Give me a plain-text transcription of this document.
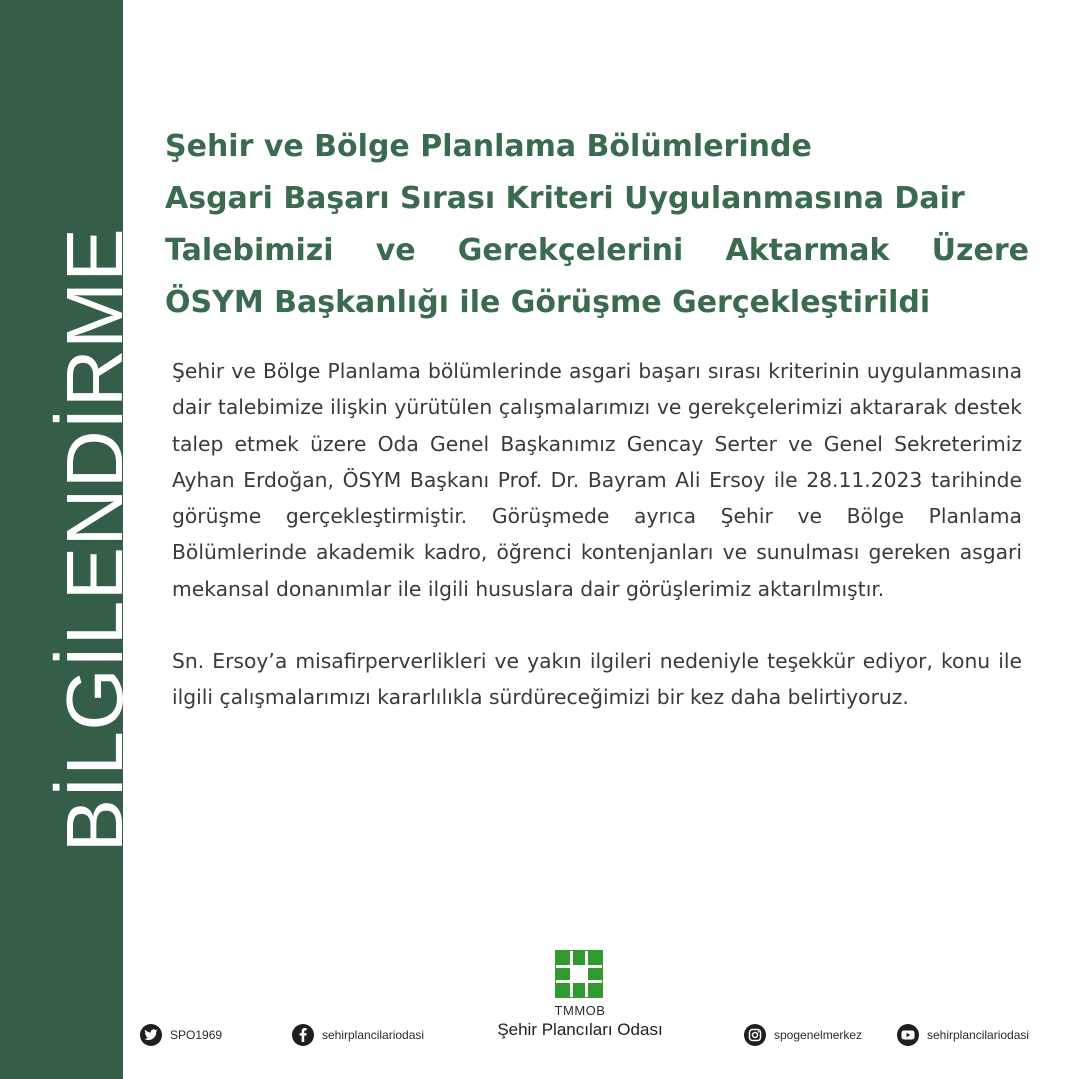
BİLGİLENDİRME
Şehir ve Bölge Planlama Bölümlerinde
Asgari Başarı Sırası Kriteri Uygulanmasına Dair
Talebimizi ve Gerekçelerini Aktarmak Üzere
ÖSYM Başkanlığı ile Görüşme Gerçekleştirildi

Şehir ve Bölge Planlama bölümlerinde asgari başarı sırası kriterinin uygulanmasına dair talebimize ilişkin yürütülen çalışmalarımızı ve gerekçelerimizi aktararak destek talep etmek üzere Oda Genel Başkanımız Gencay Serter ve Genel Sekreterimiz Ayhan Erdoğan, ÖSYM Başkanı Prof. Dr. Bayram Ali Ersoy ile 28.11.2023 tarihinde görüşme gerçekleştirmiştir. Görüşmede ayrıca Şehir ve Bölge Planlama Bölümlerinde akademik kadro, öğrenci kontenjanları ve sunulması gereken asgari mekansal donanımlar ile ilgili hususlara dair görüşlerimiz aktarılmıştır.

Sn. Ersoy’a misafirperverlikleri ve yakın ilgileri nedeniyle teşekkür ediyor, konu ile ilgili çalışmalarımızı kararlılıkla sürdüreceğimizi bir kez daha belirtiyoruz.

TMMOB
Şehir Plancıları Odası
SPO1969	sehirplancilariodasi	spogenelmerkez	sehirplancilariodasi
